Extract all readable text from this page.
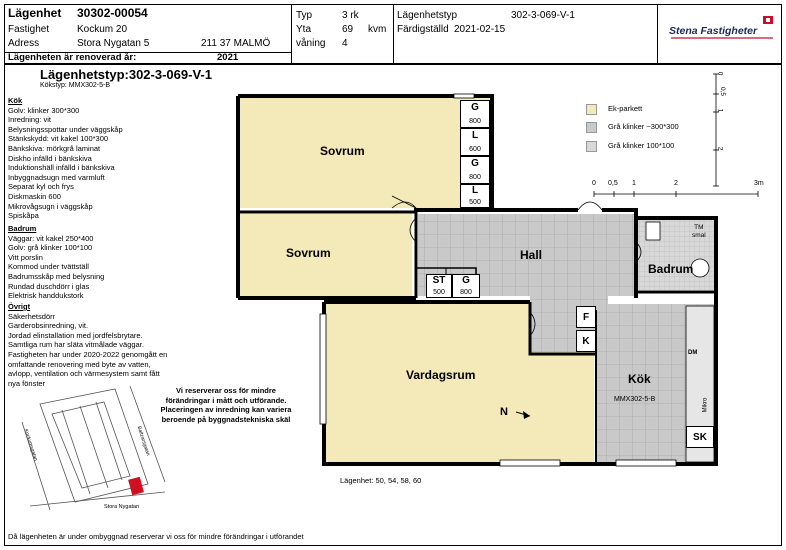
Lägenhet 30302-00054
Fastighet	Kockum 20
Adress	Stora Nygatan 5	211 37 MALMÖ
Lägenheten är renoverad år:	2021
Typ	3 rk
Yta	69 kvm
våning 4
Lägenhetstyp	302-3-069-V-1
Färdigställd 2021-02-15	Stena Fastigheter
Lägenhetstyp:302-3-069-V-1
Kökstyp: MMX302-5-B
Kök
Golv: klinker 300*300
Inredning: vit
Belysningsspottar under väggskåp
Stänkskydd: vit kakel 100*300
Bänkskiva: mörkgrå laminat
Diskho infälld i bänkskiva
Induktionshäll infälld i bänkskiva
Inbyggnadsugn med varmluft
Separat kyl och frys
Diskmaskin 600
Mikrovågsugn i väggskåp
Spiskåpa
Badrum
Väggar: vit kakel 250*400
Golv: grå klinker 100*100
Vitt porslin
Kommod under tvättställ
Badrumsskåp med belysning
Rundad duschdörr i glas
Elektrisk handdukstork
Övrigt
Säkerhetsdörr
Garderobsinredning, vit.
Jordad elinstallation med jordfelsbrytare.
Samtliga rum har släta vitmålade väggar.
Fastigheten har under 2020-2022 genomgått en
omfattande renovering med byte av vatten,
avlopp, ventilation och värmesystem samt fått
nya fönster
Vi reserverar oss för mindre förändringar i mått och utförande. Placeringen av inredning kan variera beroende på byggnadstekniska skäl
Stora Nygatan
Baltzarsgatan
Kockumsgatan
Ek-parkett
Grå klinker ~300*300
Grå klinker 100*100
0
0,5
1
2
0 0,5 1	2	3m
G
800
L
600
G
800
L
500
ST
500
G
800
F
K
SK
DM
Mikro
TM
smal
Sovrum
Sovrum	Hall
Badrum
Vardagsrum	Kök
MMX302-5-B
N
Lägenhet: 50, 54, 58, 60
Då lägenheten är under ombyggnad reserverar vi oss för mindre förändringar i utförandet
